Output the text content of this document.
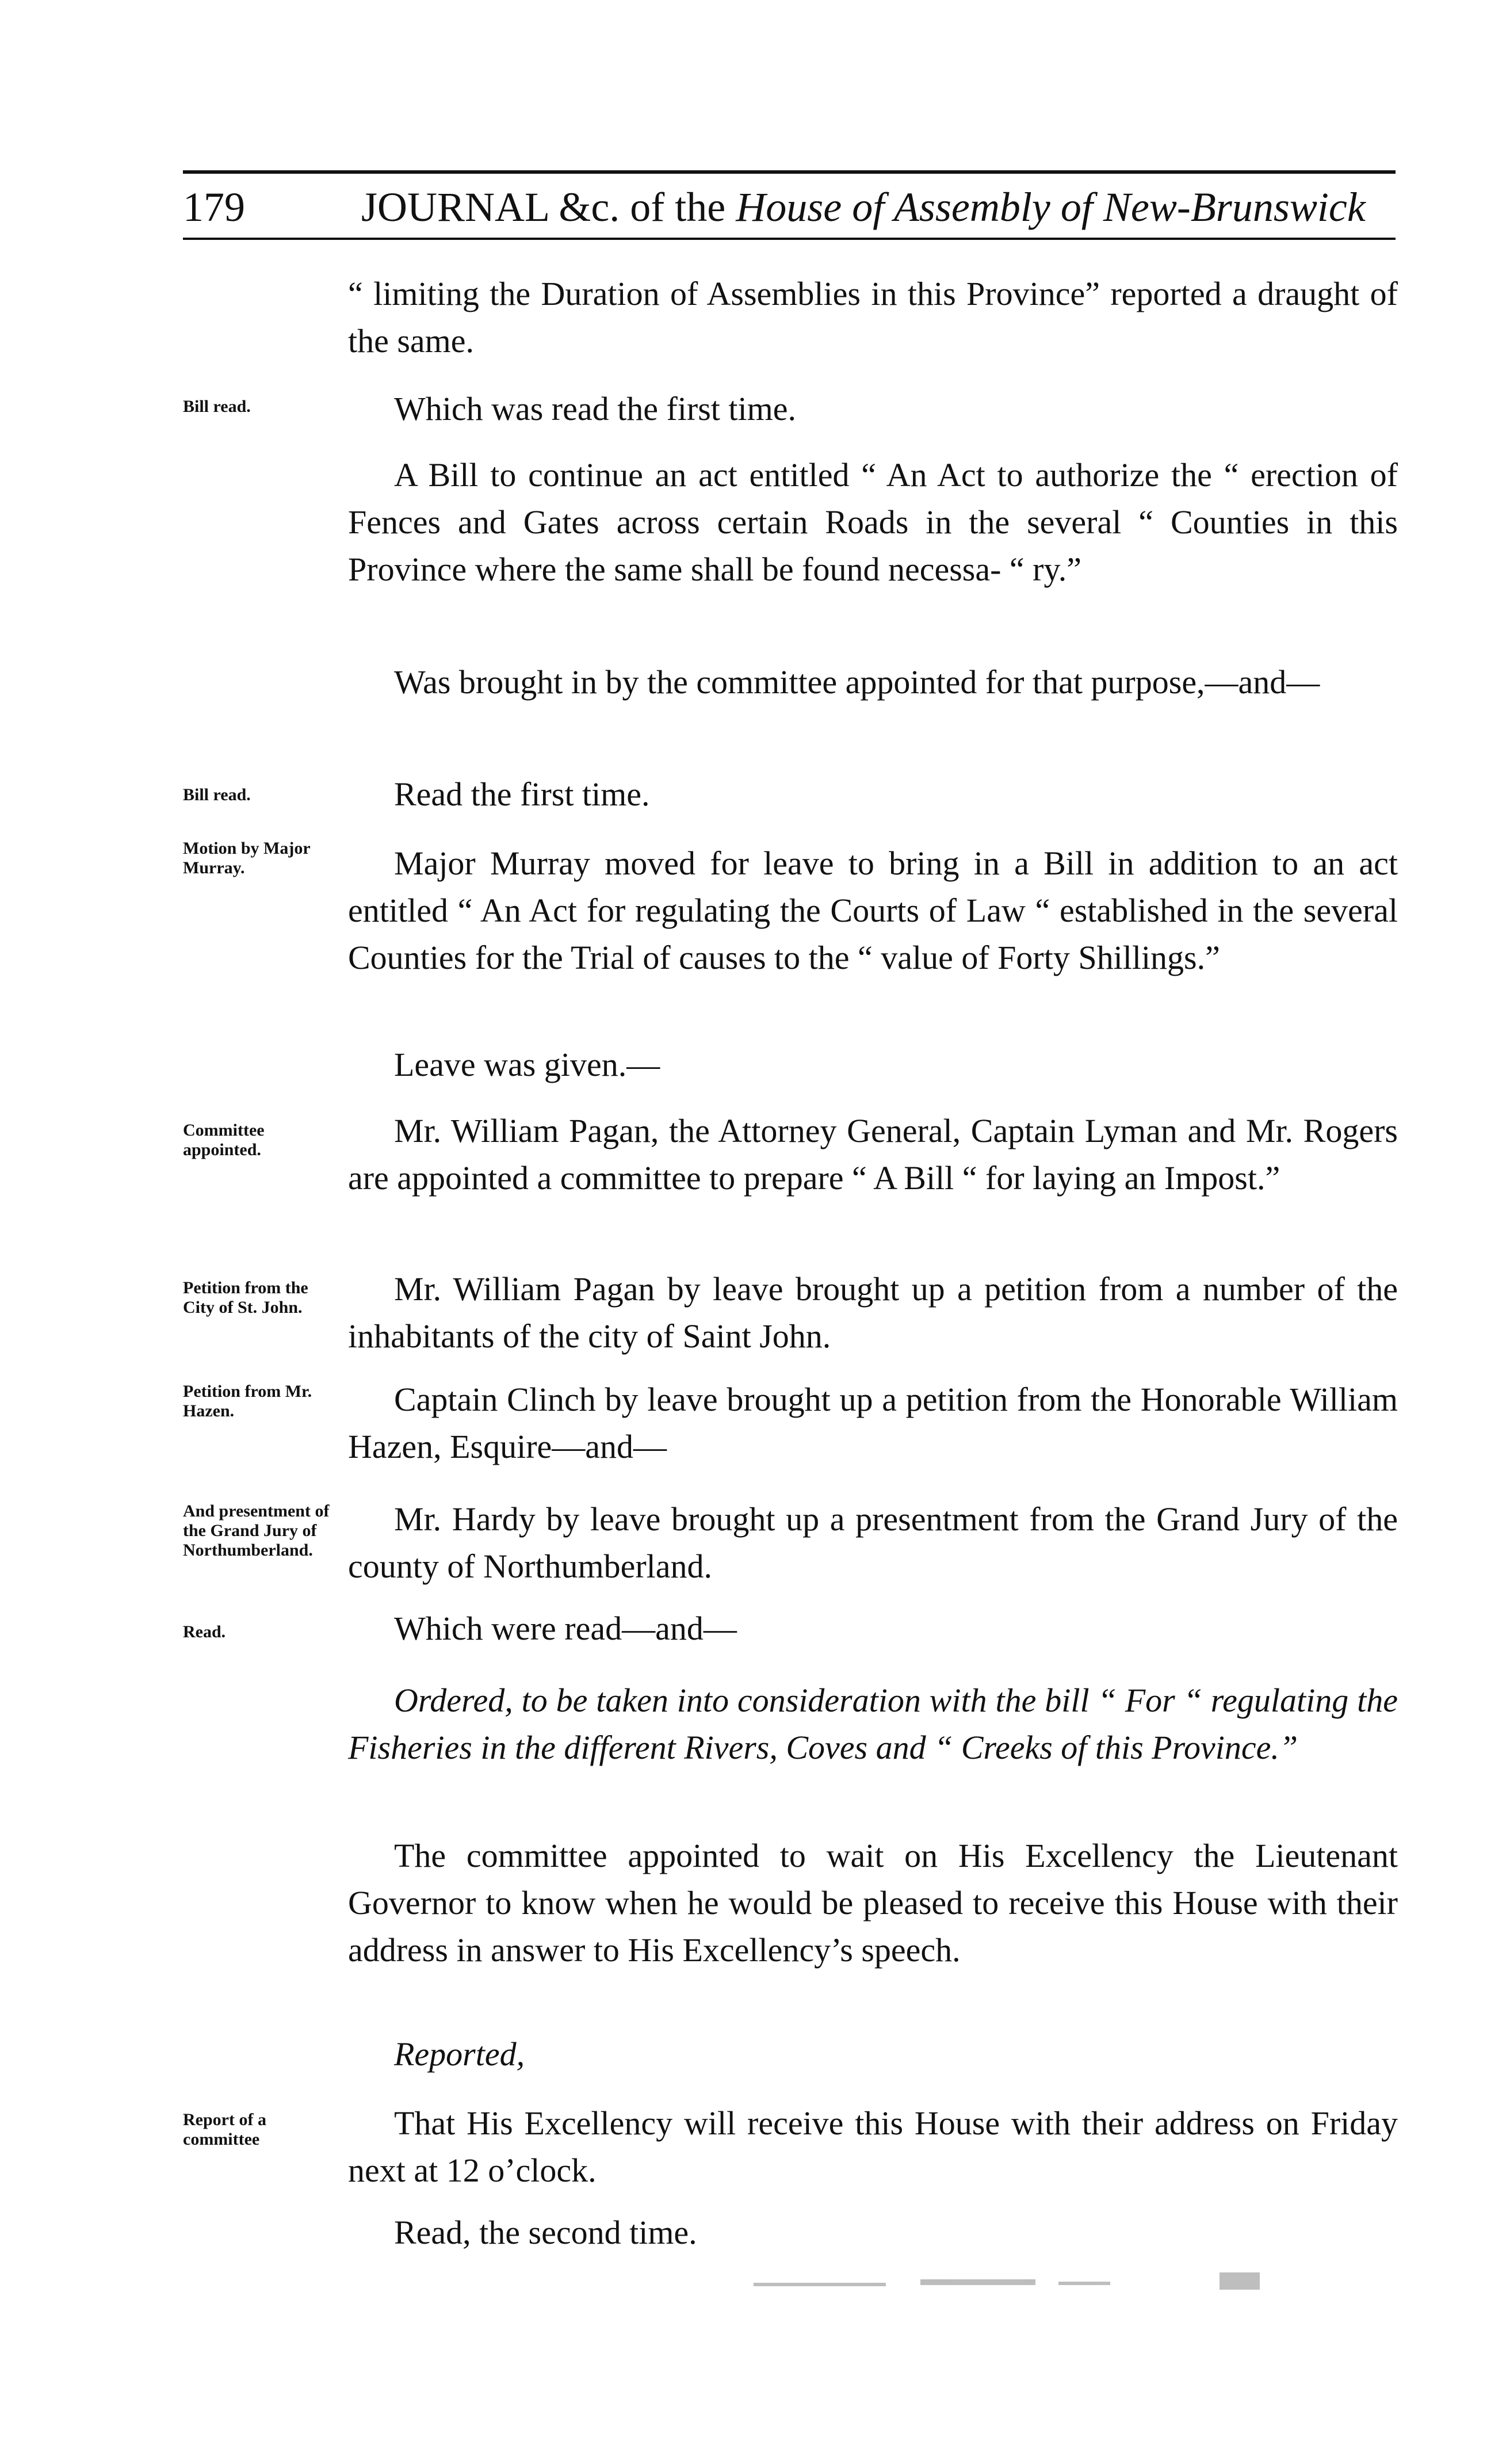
179	JOURNAL &c. of the House of Assembly of New-Brunswick
Bill read.
Bill read.
Motion by Major Murray.
Committee appointed.
Petition from the City of St. John.
Petition from Mr. Hazen.
And presentment of the Grand Jury of Northumberland.
Read.
Report of a committee
“ limiting the Duration of Assemblies in this Province” reported a draught of the same.
Which was read the first time.
A Bill to continue an act entitled “ An Act to authorize the “ erection of Fences and Gates across certain Roads in the several “ Counties in this Province where the same shall be found necessa- “ ry.”
Was brought in by the committee appointed for that purpose,—and—
Read the first time.
Major Murray moved for leave to bring in a Bill in addition to an act entitled “ An Act for regulating the Courts of Law “ established in the several Counties for the Trial of causes to the “ value of Forty Shillings.”
Leave was given.—
Mr. William Pagan, the Attorney General, Captain Lyman and Mr. Rogers are appointed a committee to prepare “ A Bill “ for laying an Impost.”
Mr. William Pagan by leave brought up a petition from a number of the inhabitants of the city of Saint John.
Captain Clinch by leave brought up a petition from the Honorable William Hazen, Esquire—and—
Mr. Hardy by leave brought up a presentment from the Grand Jury of the county of Northumberland.
Which were read—and—
Ordered, to be taken into consideration with the bill “ For “ regulating the Fisheries in the different Rivers, Coves and “ Creeks of this Province.”
The committee appointed to wait on His Excellency the Lieutenant Governor to know when he would be pleased to receive this House with their address in answer to His Excellency’s speech.
Reported,
That His Excellency will receive this House with their address on Friday next at 12 o’clock.
Read, the second time.
